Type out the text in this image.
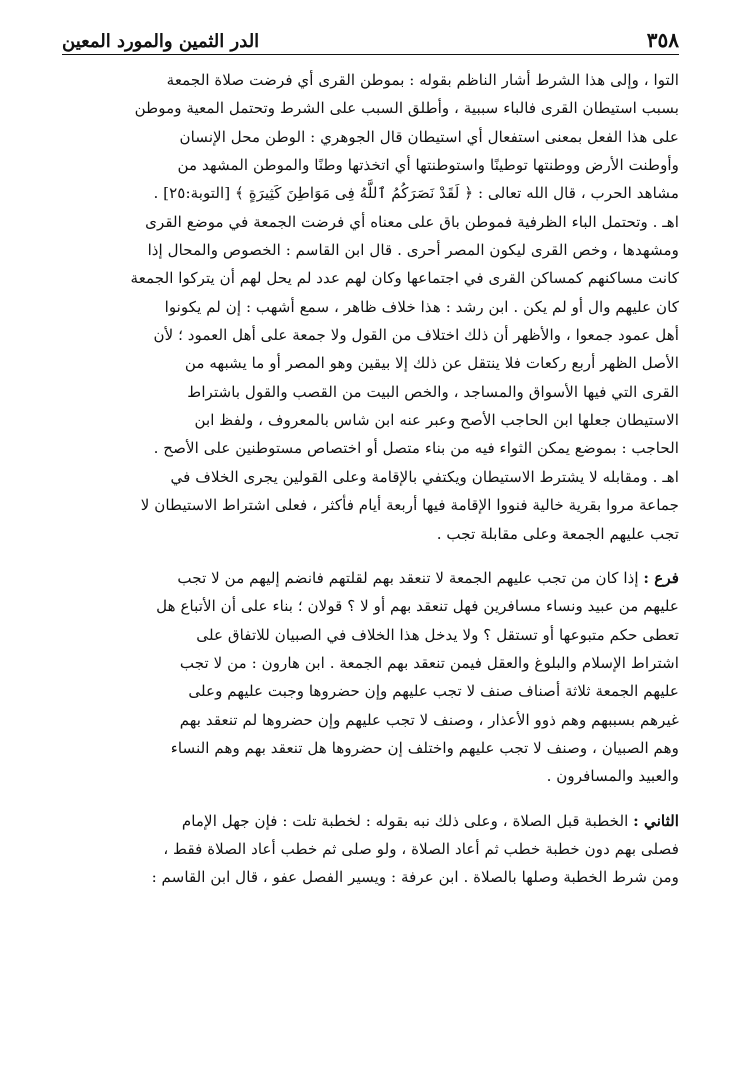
٣٥٨
الدر الثمين والمورد المعين
التوا ، وإلى هذا الشرط أشار الناظم بقوله : بموطن القرى أي فرضت صلاة الجمعة
بسبب استيطان القرى فالباء سببية ، وأطلق السبب على الشرط وتحتمل المعية وموطن
على هذا الفعل بمعنى استفعال أي استيطان قال الجوهري : الوطن محل الإنسان
وأوطنت الأرض ووطنتها توطينًا واستوطنتها أي اتخذتها وطنًا والموطن المشهد من
مشاهد الحرب ، قال الله تعالى : ﴿ لَقَدْ نَصَرَكُمُ ٱللَّهُ فِى مَوَاطِنَ كَثِيرَةٍ ﴾ [التوبة:٢٥] .
اهـ . وتحتمل الباء الظرفية فموطن باق على معناه أي فرضت الجمعة في موضع القرى
ومشهدها ، وخص القرى ليكون المصر أحرى . قال ابن القاسم : الخصوص والمحال إذا
كانت مساكنهم كمساكن القرى في اجتماعها وكان لهم عدد لم يحل لهم أن يتركوا الجمعة
كان عليهم وال أو لم يكن . ابن رشد : هذا خلاف ظاهر ، سمع أشهب : إن لم يكونوا
أهل عمود جمعوا ، والأظهر أن ذلك اختلاف من القول ولا جمعة على أهل العمود ؛ لأن
الأصل الظهر أربع ركعات فلا ينتقل عن ذلك إلا بيقين وهو المصر أو ما يشبهه من
القرى التي فيها الأسواق والمساجد ، والخص البيت من القصب والقول باشتراط
الاستيطان جعلها ابن الحاجب الأصح وعبر عنه ابن شاس بالمعروف ، ولفظ ابن
الحاجب : بموضع يمكن الثواء فيه من بناء متصل أو اختصاص مستوطنين على الأصح .
اهـ . ومقابله لا يشترط الاستيطان ويكتفي بالإقامة وعلى القولين يجرى الخلاف في
جماعة مروا بقرية خالية فنووا الإقامة فيها أربعة أيام فأكثر ، فعلى اشتراط الاستيطان لا
تجب عليهم الجمعة وعلى مقابلة تجب .
فرع : إذا كان من تجب عليهم الجمعة لا تنعقد بهم لقلتهم فانضم إليهم من لا تجب
عليهم من عبيد ونساء مسافرين فهل تنعقد بهم أو لا ؟ قولان ؛ بناء على أن الأتباع هل
تعطى حكم متبوعها أو تستقل ؟ ولا يدخل هذا الخلاف في الصبيان للاتفاق على
اشتراط الإسلام والبلوغ والعقل فيمن تنعقد بهم الجمعة . ابن هارون : من لا تجب
عليهم الجمعة ثلاثة أصناف صنف لا تجب عليهم وإن حضروها وجبت عليهم وعلى
غيرهم بسببهم وهم ذوو الأعذار ، وصنف لا تجب عليهم وإن حضروها لم تنعقد بهم
وهم الصبيان ، وصنف لا تجب عليهم واختلف إن حضروها هل تنعقد بهم وهم النساء
والعبيد والمسافرون .
الثاني : الخطبة قبل الصلاة ، وعلى ذلك نبه بقوله : لخطبة تلت : فإن جهل الإمام
فصلى بهم دون خطبة خطب ثم أعاد الصلاة ، ولو صلى ثم خطب أعاد الصلاة فقط ،
ومن شرط الخطبة وصلها بالصلاة . ابن عرفة : ويسير الفصل عفو ، قال ابن القاسم :
